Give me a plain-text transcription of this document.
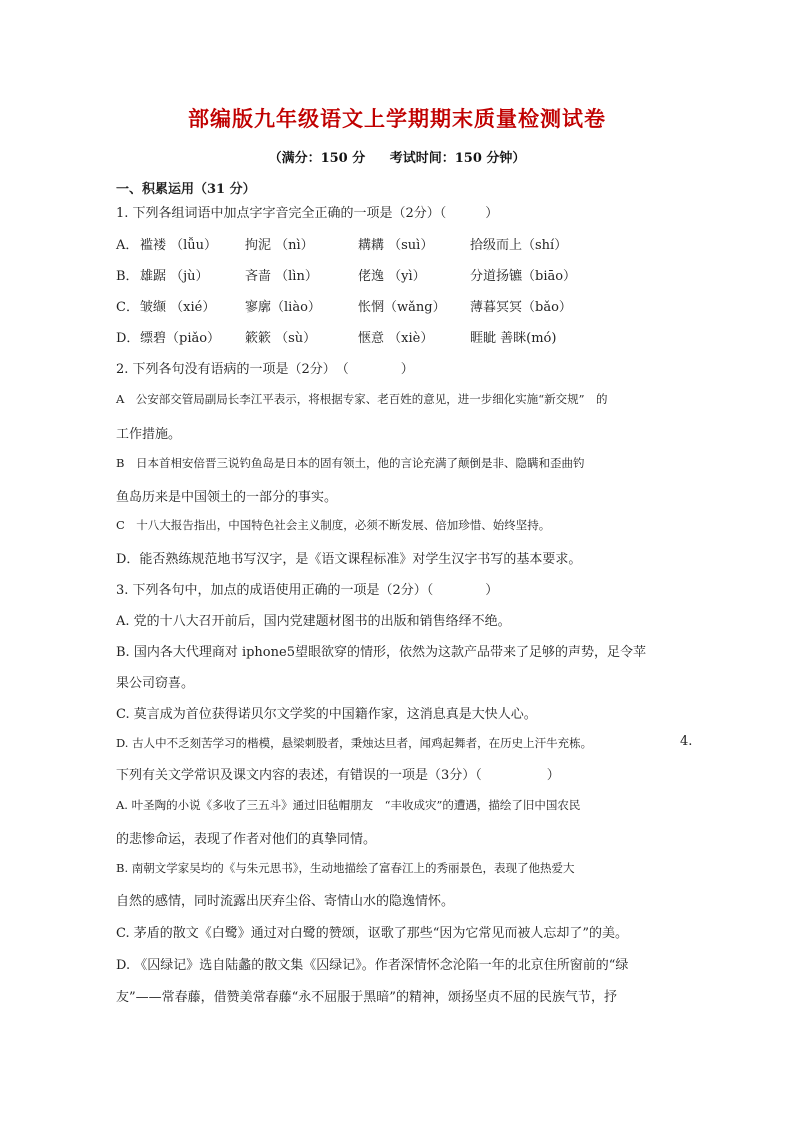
部编版九年级语文上学期期末质量检测试卷
（满分：150 分 考试时间：150 分钟）
一、积累运用（31 分）
1. 下列各组词语中加点字字音完全正确的一项是（2分）（　　　）
A． 褴褛 （lǚu） 拘泥 （nì）	耩耩 （suì）	拾级而上（shí）
B． 雄踞 （jù）	吝啬 （lìn）	佬逸 （yì）	分道扬镳（biāo）
C． 皱缬 （xié） 寥廓（liào）	怅惘（wǎng） 薄暮冥冥（bǎo）
D． 缥碧（piǎo） 簌簌 （sù）	惬意 （xiè）	睚眦 善眯(mó)
2. 下列各句没有语病的一项是（2分）　（　　　　）
A　公安部交管局副局长李江平表示，将根据专家、老百姓的意见，进一步细化实施“新交规”　的
工作措施。
B　日本首相安倍晋三说钓鱼岛是日本的固有领土，他的言论充满了颠倒是非、隐瞒和歪曲钓
鱼岛历来是中国领土的一部分的事实。
C　十八大报告指出，中国特色社会主义制度，必须不断发展、倍加珍惜、始终坚持。
D．能否熟练规范地书写汉字，是《语文课程标准》对学生汉字书写的基本要求。
3. 下列各句中，加点的成语使用正确的一项是（2分）（　　　　）
A. 党的十八大召开前后，国内党建题材图书的出版和销售络绎不绝。
B. 国内各大代理商对 iphone5望眼欲穿的情形，依然为这款产品带来了足够的声势，足令苹
果公司窃喜。
C. 莫言成为首位获得诺贝尔文学奖的中国籍作家，这消息真是大快人心。
D. 古人中不乏刻苦学习的楷模，悬梁刺股者，秉烛达旦者，闻鸡起舞者，在历史上汗牛充栋。	4.
下列有关文学常识及课文内容的表述，有错误的一项是（3分）（　　　　　）
A. 叶圣陶的小说《多收了三五斗》通过旧毡帽朋友　“丰收成灾”的遭遇，描绘了旧中国农民
的悲惨命运，表现了作者对他们的真挚同情。
B. 南朝文学家吴均的《与朱元思书》，生动地描绘了富春江上的秀丽景色，表现了他热爱大
自然的感情，同时流露出厌弃尘俗、寄情山水的隐逸情怀。
C. 茅盾的散文《白鹭》通过对白鹭的赞颂，讴歌了那些“因为它常见而被人忘却了”的美。
D. 《囚绿记》选自陆蠡的散文集《囚绿记》。作者深情怀念沦陷一年的北京住所窗前的“绿
友”——常春藤，借赞美常春藤“永不屈服于黑暗”的精神，颂扬坚贞不屈的民族气节，抒
